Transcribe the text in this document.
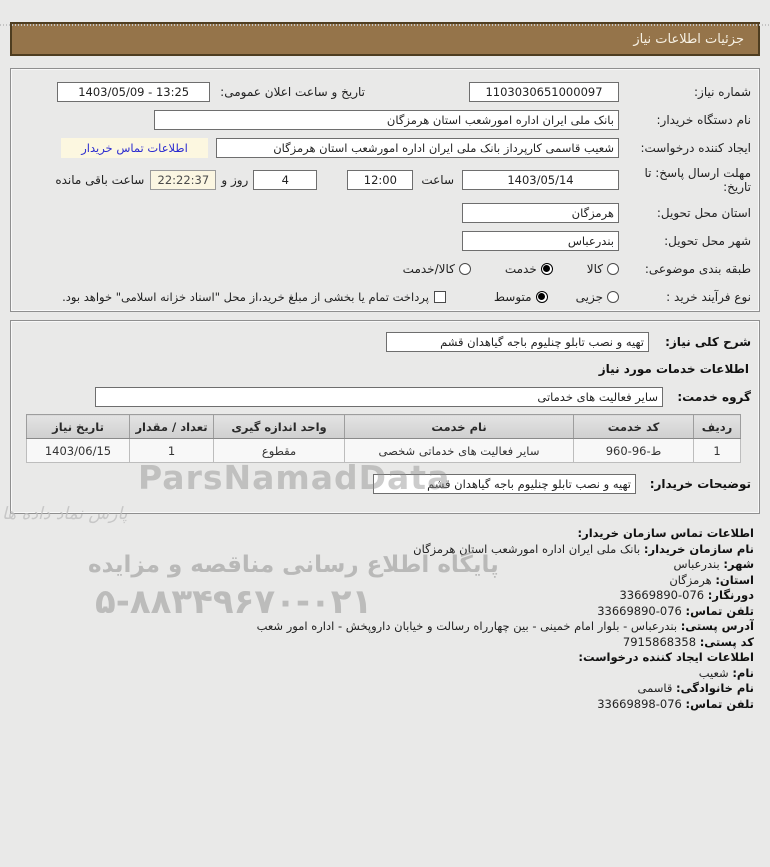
جزئیات اطلاعات نیاز
شماره نیاز:
1103030651000097
تاریخ و ساعت اعلان عمومی:
1403/05/09 - 13:25
نام دستگاه خریدار:
بانک ملی ایران اداره امورشعب استان هرمزگان
ایجاد کننده درخواست:
شعیب قاسمی کارپرداز بانک ملی ایران اداره امورشعب استان هرمزگان
اطلاعات تماس خریدار
مهلت ارسال پاسخ: تا
تاریخ:
1403/05/14
ساعت
12:00
4
روز و
22:22:37
ساعت باقی مانده
استان محل تحویل:
هرمزگان
شهر محل تحویل:
بندرعباس
طبقه بندی موضوعی:
کالا
خدمت
کالا/خدمت
نوع فرآیند خرید :
جزیی
متوسط
پرداخت تمام یا بخشی از مبلغ خرید،از محل "اسناد خزانه اسلامی" خواهد بود.
شرح کلی نیاز:
تهیه و نصب تابلو چنلیوم باجه گیاهدان قشم
اطلاعات خدمات مورد نیاز
گروه خدمت:
سایر فعالیت های خدماتی
ردیف	کد خدمت	نام خدمت	واحد اندازه گیری	تعداد / مقدار	تاریخ نیاز
1	ط-96-960	سایر فعالیت های خدماتی شخصی	مقطوع	1	1403/06/15
توضیحات خریدار:
تهیه و نصب تابلو چنلیوم باجه گیاهدان قشم
اطلاعات تماس سازمان خریدار:
نام سازمان خریدار: بانک ملی ایران اداره امورشعب استان هرمزگان
شهر: بندرعباس
استان: هرمزگان
دورنگار: 076-33669890
تلفن تماس: 076-33669890
آدرس پستی: بندرعباس - بلوار امام خمینی - بین چهارراه رسالت و خیابان داروپخش - اداره امور شعب
کد پستی: 7915868358
اطلاعات ایجاد کننده درخواست:
نام: شعیب
نام خانوادگی: قاسمی
تلفن تماس: 076-33669898
ParsNamadData
پایگاه اطلاع رسانی مناقصه و مزایده
۵-۸۸۳۴۹۶۷۰-۰۲۱
پارس نماد داده ها
